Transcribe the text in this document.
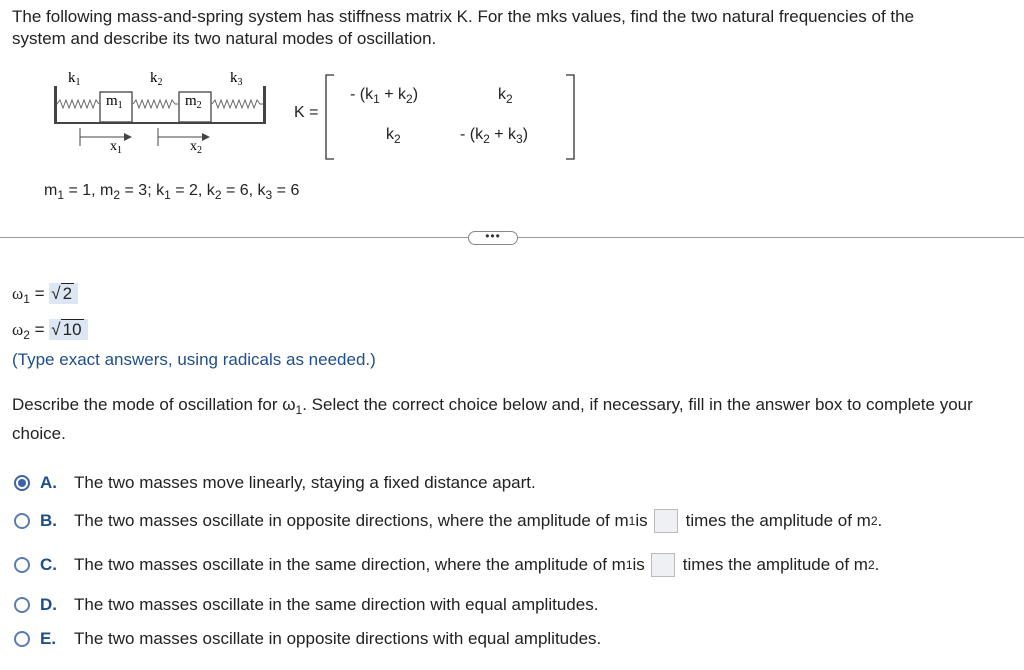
The following mass-and-spring system has stiffness matrix K. For the mks values, find the two natural frequencies of the
system and describe its two natural modes of oscillation.
$k_1$	$k_2$	$k_3$
$m_1$	$m_2$
$x_1$	$x_2$
K =
- $(k_1 + k_2)$	$k_2$
$k_2$	- $(k_2 + k_3)$
$m_1 = 1$, $m_2 = 3$; $k_1 = 2$, $k_2 = 6$, $k_3 = 6$
•••
$\omega_1$ = √ 2
$\omega_2$ = √ 10
(Type exact answers, using radicals as needed.)
Describe the mode of oscillation for $\omega_1$. Select the correct choice below and, if necessary, fill in the answer box to complete your choice.
A.	The two masses move linearly, staying a fixed distance apart.
B.	The two masses oscillate in opposite directions, where the amplitude of m 1 is times the amplitude of m 2 .
C.	The two masses oscillate in the same direction, where the amplitude of m 1 is times the amplitude of m 2 .
D.	The two masses oscillate in the same direction with equal amplitudes.
E.	The two masses oscillate in opposite directions with equal amplitudes.
